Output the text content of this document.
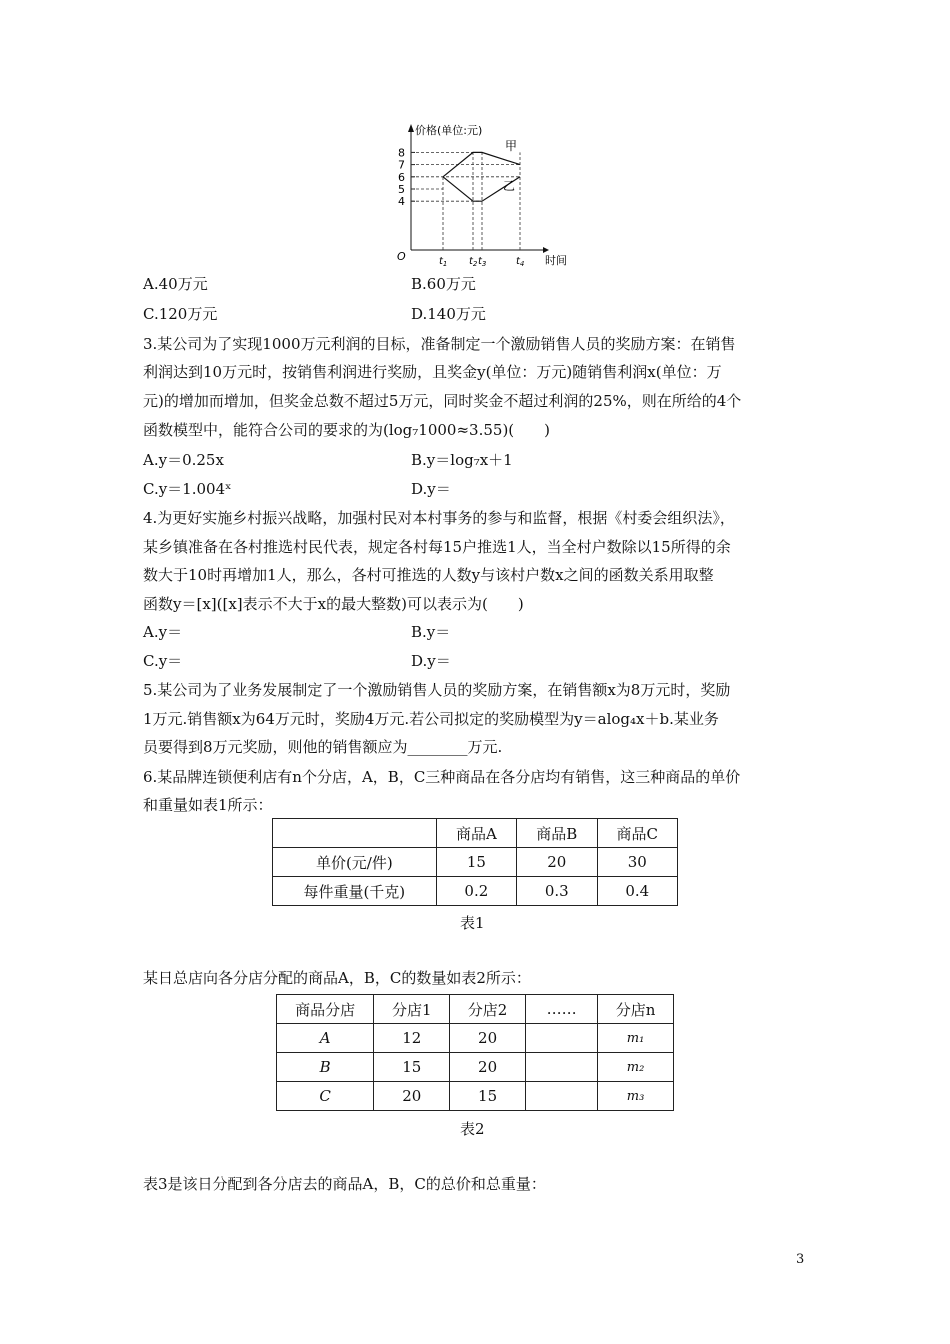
价格(单位:元)
时间
O
4
5
6
7
8
$t_1$ $t_2$ $t_3$	$t_4$
甲
乙
A.40万元	B.60万元
C.120万元	D.140万元
3.某公司为了实现1000万元利润的目标，准备制定一个激励销售人员的奖励方案：在销售
利润达到10万元时，按销售利润进行奖励，且奖金y(单位：万元)随销售利润x(单位：万
元)的增加而增加，但奖金总数不超过5万元，同时奖金不超过利润的25%，则在所给的4个
函数模型中，能符合公司的要求的为(log₇1000≈3.55)(　　)
A.y＝0.25x	B.y＝log₇x＋1
C.y＝1.004ˣ	D.y＝
4.为更好实施乡村振兴战略，加强村民对本村事务的参与和监督，根据《村委会组织法》，
某乡镇准备在各村推选村民代表，规定各村每15户推选1人，当全村户数除以15所得的余
数大于10时再增加1人，那么，各村可推选的人数y与该村户数x之间的函数关系用取整
函数y＝[x]([x]表示不大于x的最大整数)可以表示为(　　)
A.y＝	B.y＝
C.y＝	D.y＝
5.某公司为了业务发展制定了一个激励销售人员的奖励方案，在销售额x为8万元时，奖励
1万元.销售额x为64万元时，奖励4万元.若公司拟定的奖励模型为y＝alog₄x＋b.某业务
员要得到8万元奖励，则他的销售额应为________万元.
6.某品牌连锁便利店有n个分店，A，B，C三种商品在各分店均有销售，这三种商品的单价
和重量如表1所示：
	商品A	商品B	商品C
单价(元/件)	15	20	30
每件重量(千克)	0.2	0.3	0.4
表1
某日总店向各分店分配的商品A，B，C的数量如表2所示：
商品分店	分店1	分店2	……	分店n
A	12	20		m₁
B	15	20		m₂
C	20	15		m₃
表2
表3是该日分配到各分店去的商品A，B，C的总价和总重量：
3
